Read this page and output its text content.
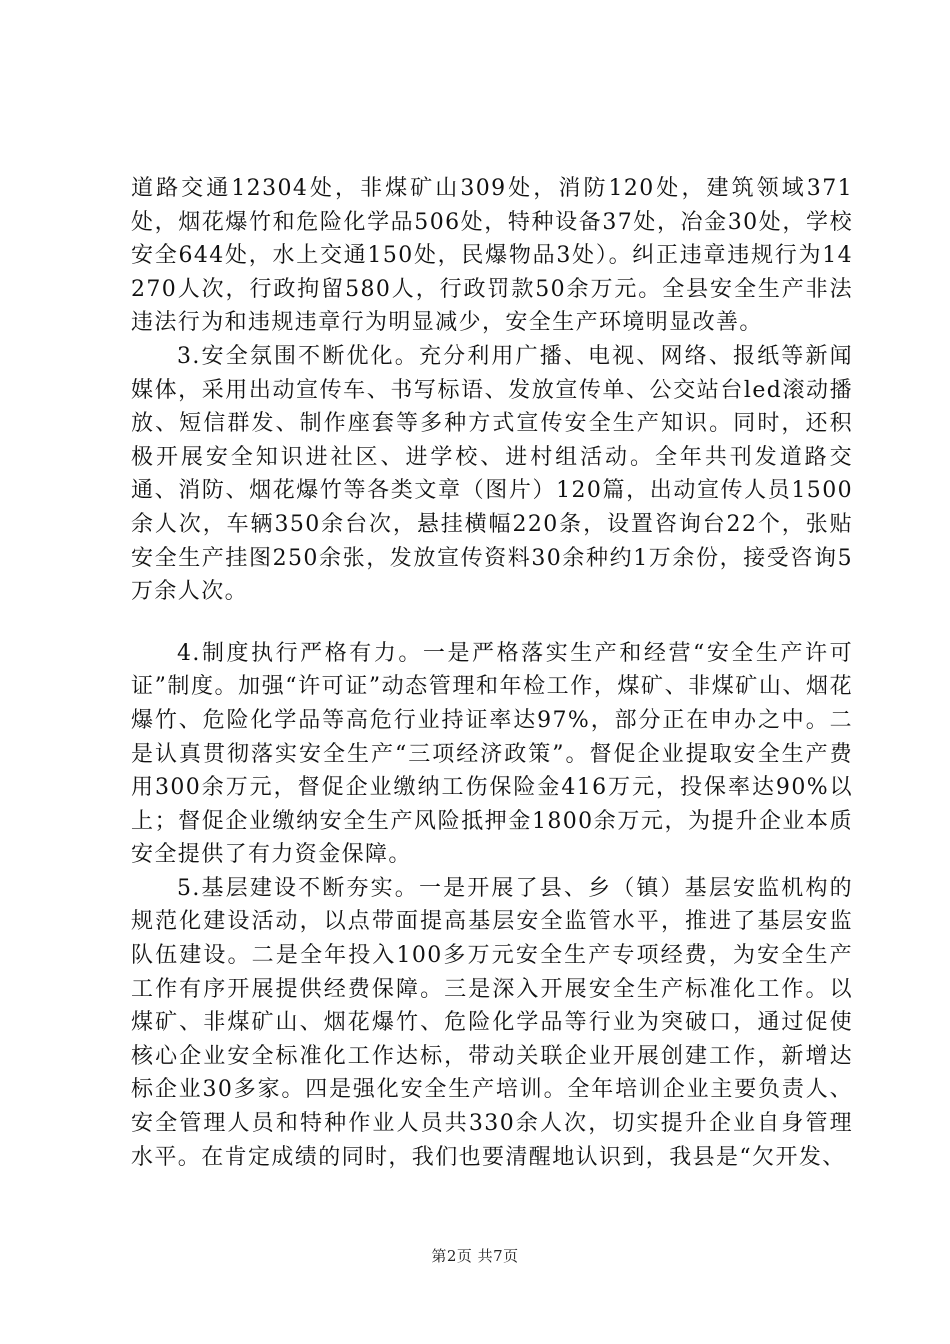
道路交通12304处，非煤矿山309处，消防120处，建筑领域371处，烟花爆竹和危险化学品506处，特种设备37处，冶金30处，学校安全644处，水上交通150处，民爆物品3处）。纠正违章违规行为14270人次，行政拘留580人，行政罚款50余万元。全县安全生产非法违法行为和违规违章行为明显减少，安全生产环境明显改善。

3.安全氛围不断优化。充分利用广播、电视、网络、报纸等新闻媒体，采用出动宣传车、书写标语、发放宣传单、公交站台led滚动播放、短信群发、制作座套等多种方式宣传安全生产知识。同时，还积极开展安全知识进社区、进学校、进村组活动。全年共刊发道路交通、消防、烟花爆竹等各类文章（图片）120篇，出动宣传人员1500余人次，车辆350余台次，悬挂横幅220条，设置咨询台22个，张贴安全生产挂图250余张，发放宣传资料30余种约1万余份，接受咨询5万余人次。

4.制度执行严格有力。一是严格落实生产和经营“安全生产许可证”制度。加强“许可证”动态管理和年检工作，煤矿、非煤矿山、烟花爆竹、危险化学品等高危行业持证率达97%，部分正在申办之中。二是认真贯彻落实安全生产“三项经济政策”。督促企业提取安全生产费用300余万元，督促企业缴纳工伤保险金416万元，投保率达90%以上；督促企业缴纳安全生产风险抵押金1800余万元，为提升企业本质安全提供了有力资金保障。

5.基层建设不断夯实。一是开展了县、乡（镇）基层安监机构的规范化建设活动，以点带面提高基层安全监管水平，推进了基层安监队伍建设。二是全年投入100多万元安全生产专项经费，为安全生产工作有序开展提供经费保障。三是深入开展安全生产标准化工作。以煤矿、非煤矿山、烟花爆竹、危险化学品等行业为突破口，通过促使核心企业安全标准化工作达标，带动关联企业开展创建工作，新增达标企业30多家。四是强化安全生产培训。全年培训企业主要负责人、安全管理人员和特种作业人员共330余人次，切实提升企业自身管理水平。在肯定成绩的同时，我们也要清醒地认识到，我县是“欠开发、

第2页 共7页
